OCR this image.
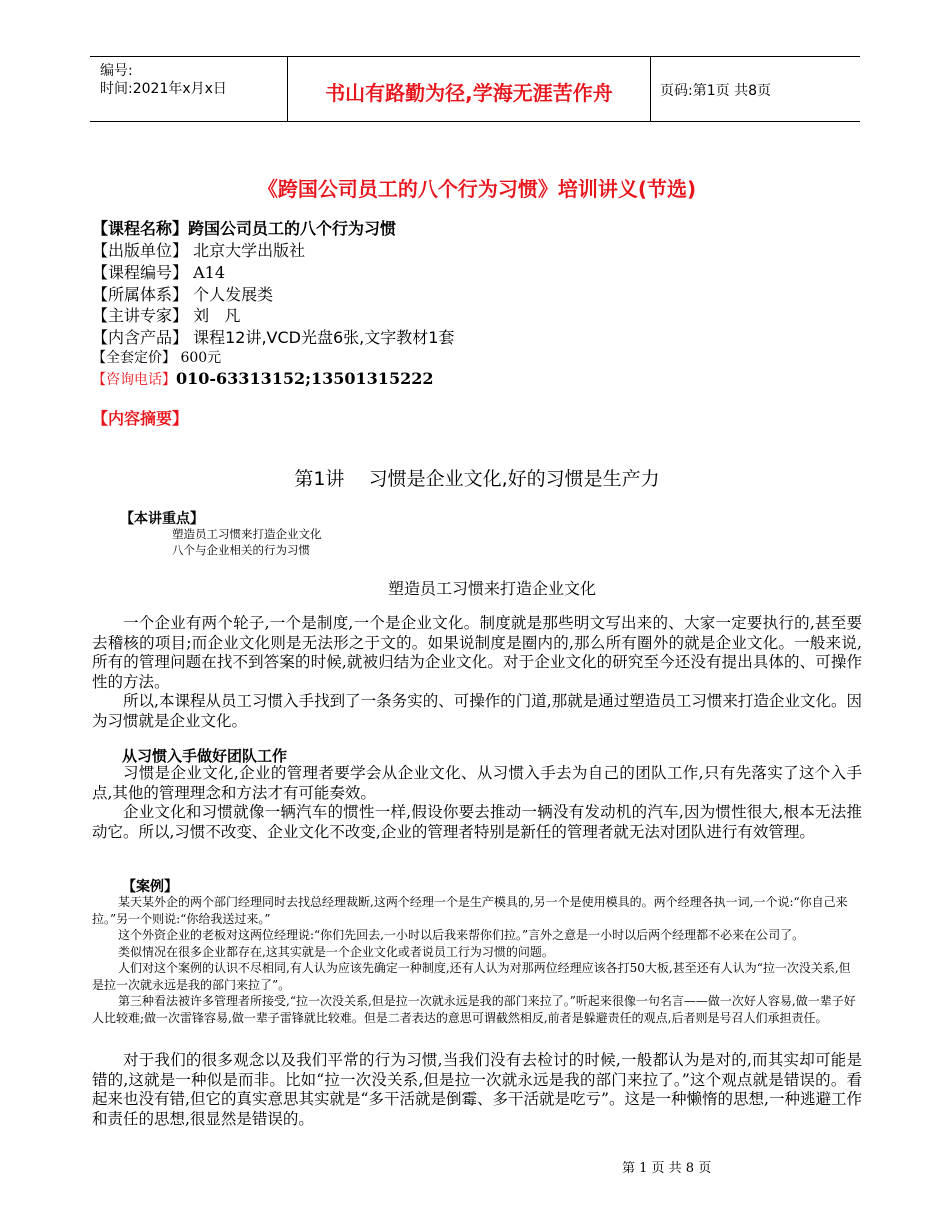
编号:
时间:2021年x月x日	书山有路勤为径,学海无涯苦作舟	页码:第1页 共8页
《跨国公司员工的八个行为习惯》培训讲义(节选)
【课程名称】跨国公司员工的八个行为习惯
【出版单位】 北京大学出版社
【课程编号】 A14
【所属体系】 个人发展类
【主讲专家】 刘   凡
【内含产品】 课程12讲,VCD光盘6张,文字教材1套
【全套定价】 600元
【咨询电话】010-63313152;13501315222
【内容摘要】
第1讲    习惯是企业文化,好的习惯是生产力
【本讲重点】
塑造员工习惯来打造企业文化
八个与企业相关的行为习惯
塑造员工习惯来打造企业文化

一个企业有两个轮子,一个是制度,一个是企业文化。制度就是那些明文写出来的、大家一定要执行的,甚至要去稽核的项目;而企业文化则是无法形之于文的。如果说制度是圈内的,那么所有圈外的就是企业文化。一般来说,所有的管理问题在找不到答案的时候,就被归结为企业文化。对于企业文化的研究至今还没有提出具体的、可操作性的方法。

所以,本课程从员工习惯入手找到了一条务实的、可操作的门道,那就是通过塑造员工习惯来打造企业文化。因为习惯就是企业文化。

从习惯入手做好团队工作

习惯是企业文化,企业的管理者要学会从企业文化、从习惯入手去为自己的团队工作,只有先落实了这个入手点,其他的管理理念和方法才有可能奏效。

企业文化和习惯就像一辆汽车的惯性一样,假设你要去推动一辆没有发动机的汽车,因为惯性很大,根本无法推动它。所以,习惯不改变、企业文化不改变,企业的管理者特别是新任的管理者就无法对团队进行有效管理。

【案例】

某天某外企的两个部门经理同时去找总经理裁断,这两个经理一个是生产模具的,另一个是使用模具的。两个经理各执一词,一个说:“你自己来拉。”另一个则说:“你给我送过来。”

这个外资企业的老板对这两位经理说:“你们先回去,一小时以后我来帮你们拉。”言外之意是一小时以后两个经理都不必来在公司了。

类似情况在很多企业都存在,这其实就是一个企业文化或者说员工行为习惯的问题。

人们对这个案例的认识不尽相同,有人认为应该先确定一种制度,还有人认为对那两位经理应该各打50大板,甚至还有人认为“拉一次没关系,但是拉一次就永远是我的部门来拉了”。

第三种看法被许多管理者所接受,“拉一次没关系,但是拉一次就永远是我的部门来拉了。”听起来很像一句名言——做一次好人容易,做一辈子好人比较难;做一次雷锋容易,做一辈子雷锋就比较难。但是二者表达的意思可谓截然相反,前者是躲避责任的观点,后者则是号召人们承担责任。

对于我们的很多观念以及我们平常的行为习惯,当我们没有去检讨的时候,一般都认为是对的,而其实却可能是错的,这就是一种似是而非。比如“拉一次没关系,但是拉一次就永远是我的部门来拉了。”这个观点就是错误的。看起来也没有错,但它的真实意思其实就是“多干活就是倒霉、多干活就是吃亏”。这是一种懒惰的思想,一种逃避工作和责任的思想,很显然是错误的。

第 1 页 共 8 页
